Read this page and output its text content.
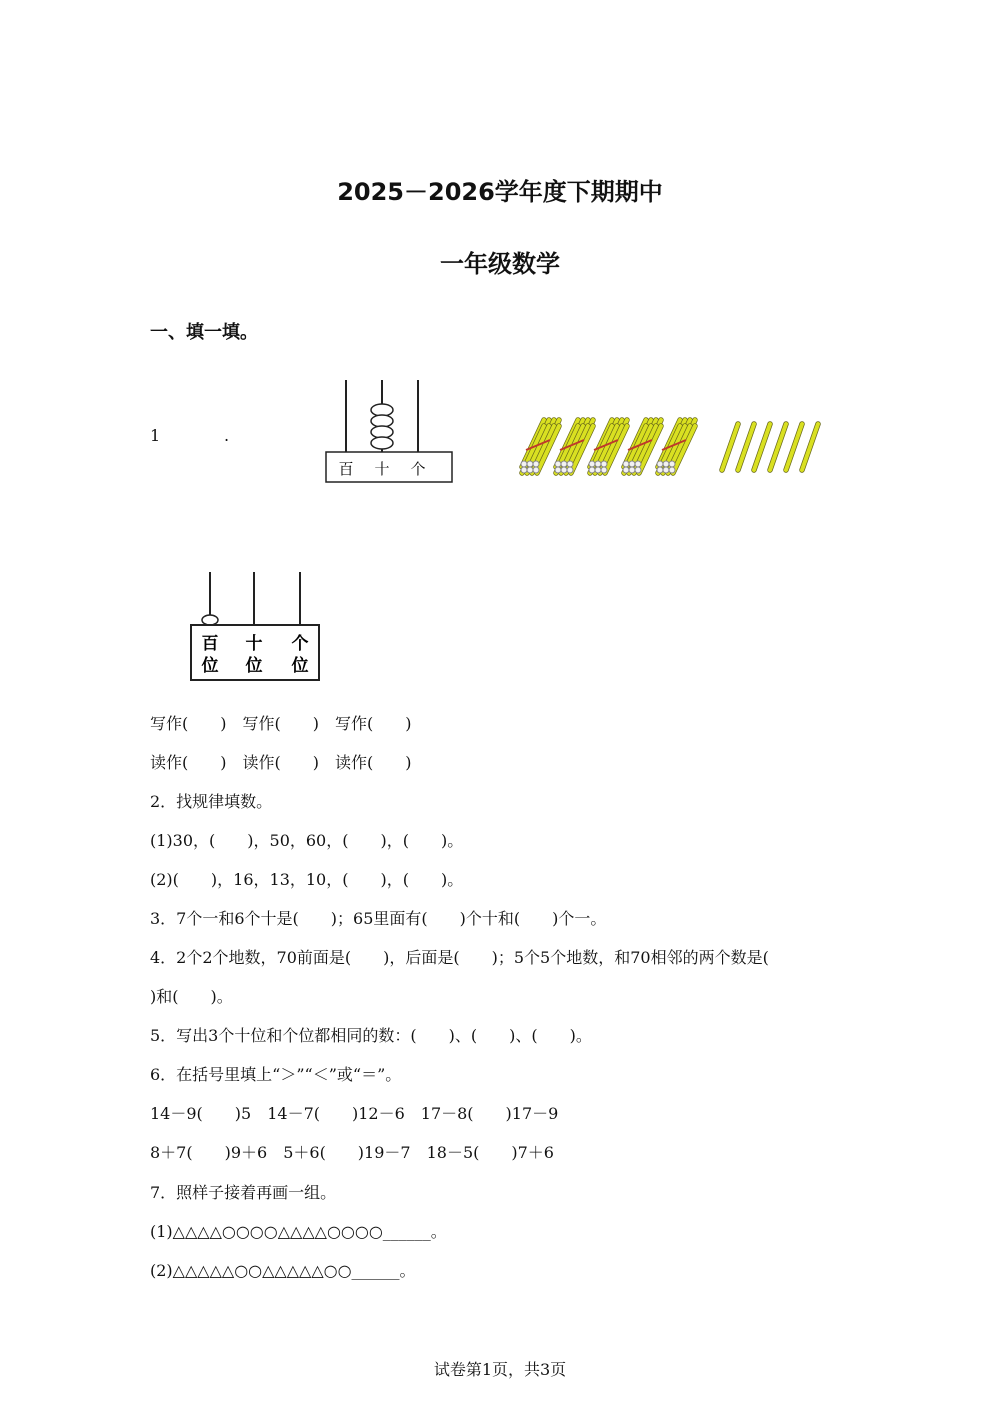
2025－2026学年度下期期中
一年级数学
一、填一填。
1	.
百 十 个
百
位
十
位
个
位
写作(　　)　写作(　　)　写作(　　)
读作(　　)　读作(　　)　读作(　　)
2．找规律填数。
(1)30，(　　)，50，60，(　　)，(　　)。
(2)(　　)，16，13，10，(　　)，(　　)。
3．7个一和6个十是(　　)；65里面有(　　)个十和(　　)个一。
4．2个2个地数，70前面是(　　)，后面是(　　)；5个5个地数，和70相邻的两个数是(
)和(　　)。
5．写出3个十位和个位都相同的数：(　　)、(　　)、(　　)。
6．在括号里填上“＞”“＜”或“＝”。
14－9(　　)5　14－7(　　)12－6　17－8(　　)17－9
8＋7(　　)9＋6　5＋6(　　)19－7　18－5(　　)7＋6
7．照样子接着再画一组。
(1)△△△△○○○○△△△△○○○○______。
(2)△△△△△○○△△△△△○○______。
试卷第1页，共3页
